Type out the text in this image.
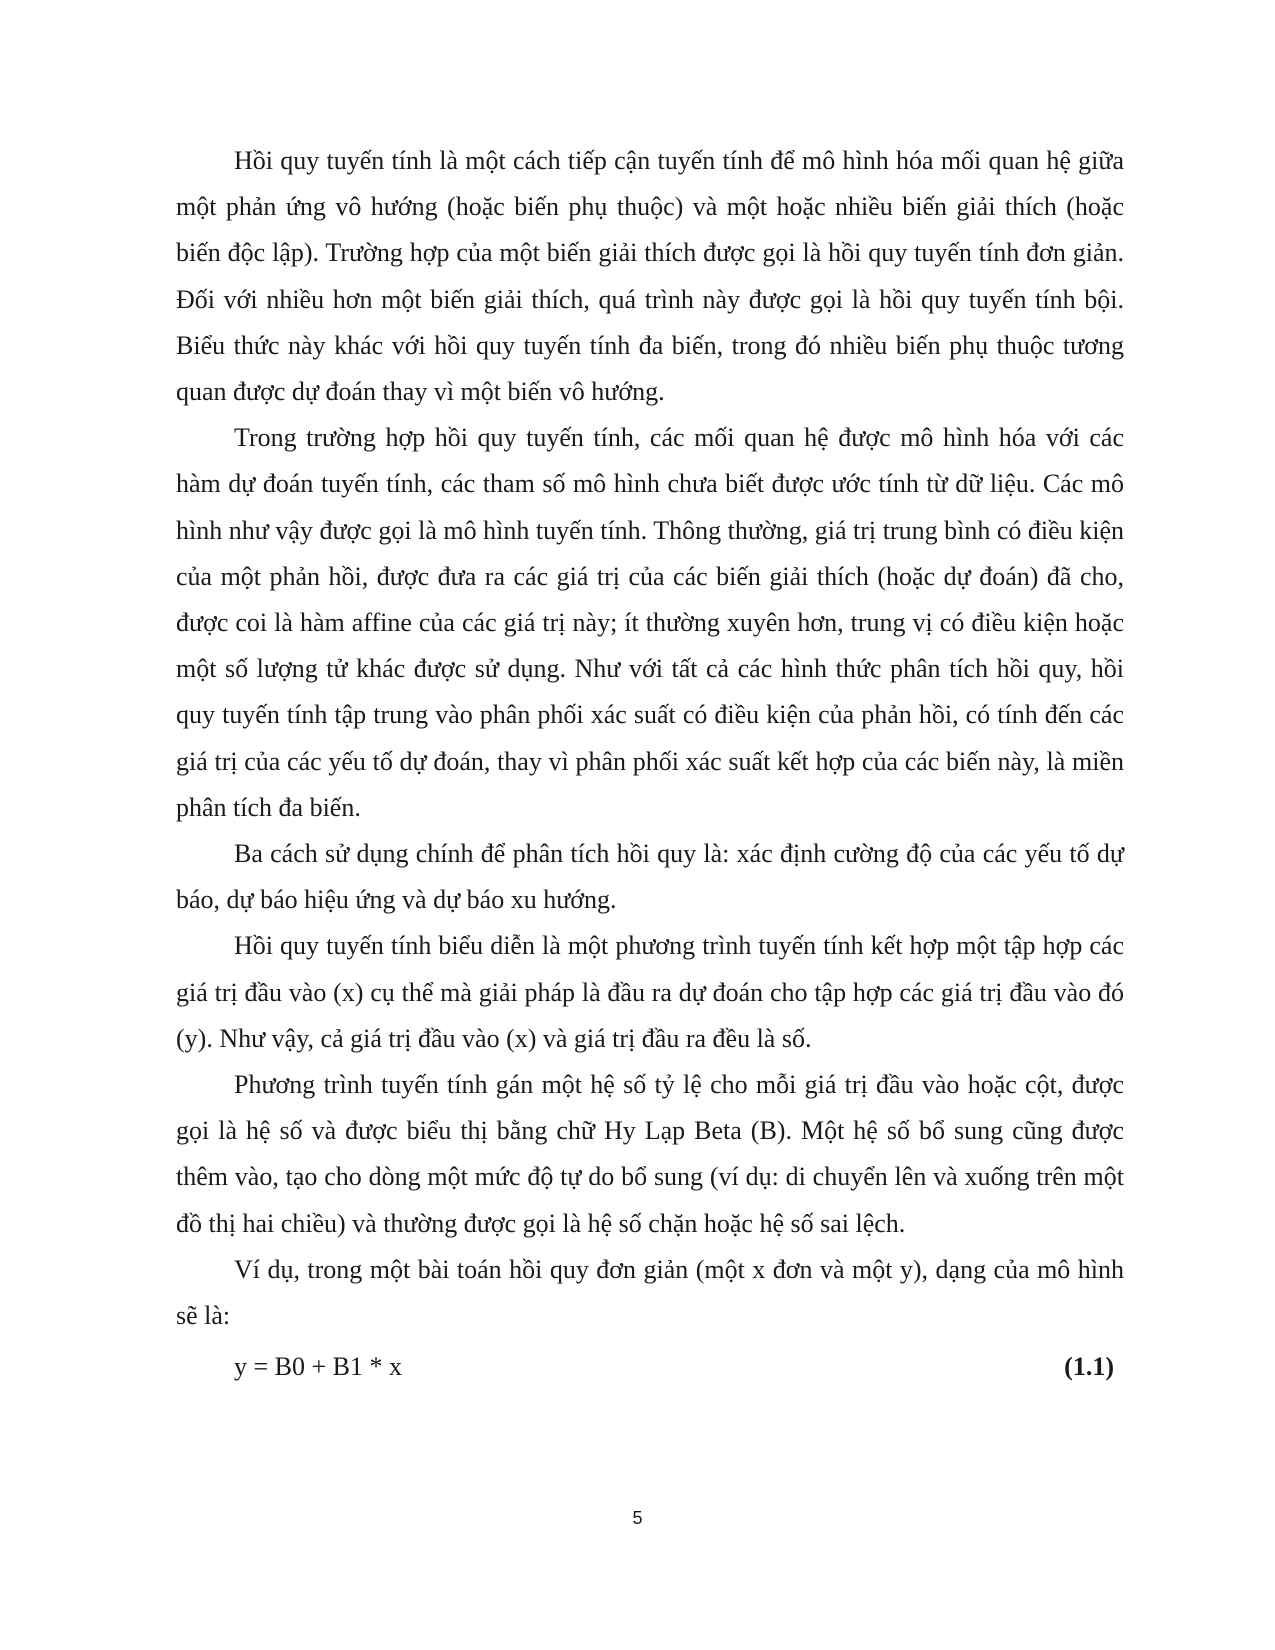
Hồi quy tuyến tính là một cách tiếp cận tuyến tính để mô hình hóa mối quan hệ giữa một phản ứng vô hướng (hoặc biến phụ thuộc) và một hoặc nhiều biến giải thích (hoặc biến độc lập). Trường hợp của một biến giải thích được gọi là hồi quy tuyến tính đơn giản. Đối với nhiều hơn một biến giải thích, quá trình này được gọi là hồi quy tuyến tính bội. Biểu thức này khác với hồi quy tuyến tính đa biến, trong đó nhiều biến phụ thuộc tương quan được dự đoán thay vì một biến vô hướng.

Trong trường hợp hồi quy tuyến tính, các mối quan hệ được mô hình hóa với các hàm dự đoán tuyến tính, các tham số mô hình chưa biết được ước tính từ dữ liệu. Các mô hình như vậy được gọi là mô hình tuyến tính. Thông thường, giá trị trung bình có điều kiện của một phản hồi, được đưa ra các giá trị của các biến giải thích (hoặc dự đoán) đã cho, được coi là hàm affine của các giá trị này; ít thường xuyên hơn, trung vị có điều kiện hoặc một số lượng tử khác được sử dụng. Như với tất cả các hình thức phân tích hồi quy, hồi quy tuyến tính tập trung vào phân phối xác suất có điều kiện của phản hồi, có tính đến các giá trị của các yếu tố dự đoán, thay vì phân phối xác suất kết hợp của các biến này, là miền phân tích đa biến.

Ba cách sử dụng chính để phân tích hồi quy là: xác định cường độ của các yếu tố dự báo, dự báo hiệu ứng và dự báo xu hướng.

Hồi quy tuyến tính biểu diễn là một phương trình tuyến tính kết hợp một tập hợp các giá trị đầu vào (x) cụ thể mà giải pháp là đầu ra dự đoán cho tập hợp các giá trị đầu vào đó (y). Như vậy, cả giá trị đầu vào (x) và giá trị đầu ra đều là số.

Phương trình tuyến tính gán một hệ số tỷ lệ cho mỗi giá trị đầu vào hoặc cột, được gọi là hệ số và được biểu thị bằng chữ Hy Lạp Beta (B). Một hệ số bổ sung cũng được thêm vào, tạo cho dòng một mức độ tự do bổ sung (ví dụ: di chuyển lên và xuống trên một đồ thị hai chiều) và thường được gọi là hệ số chặn hoặc hệ số sai lệch.

Ví dụ, trong một bài toán hồi quy đơn giản (một x đơn và một y), dạng của mô hình sẽ là:

y = B0 + B1 * x	(1.1)
5
